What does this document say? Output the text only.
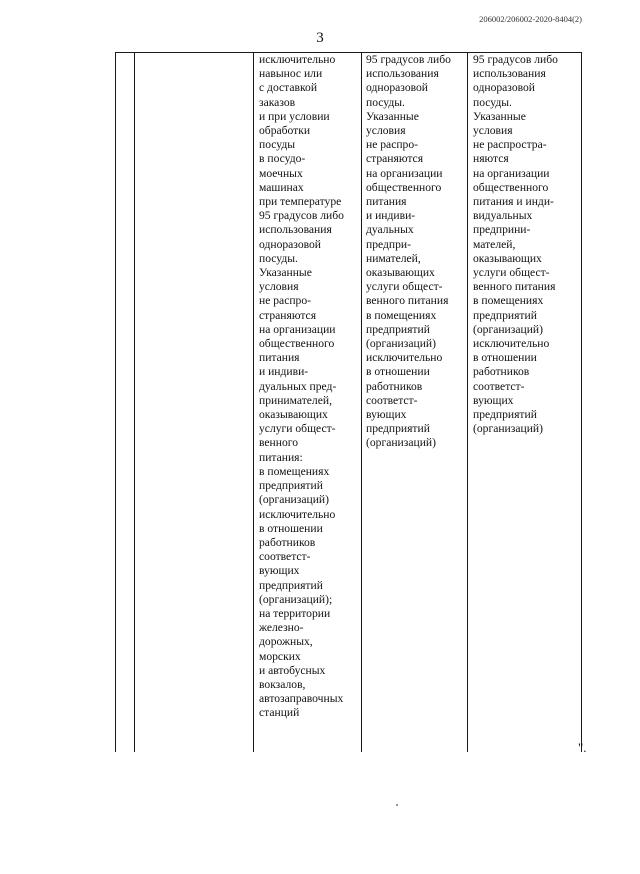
206002/206002-2020-8404(2)
3
исключительно
навынос или
с доставкой
заказов
и при условии
обработки
посуды
в посудо-
моечных
машинах
при температуре
95 градусов либо
использования
одноразовой
посуды.
Указанные
условия
не распро-
страняются
на организации
общественного
питания
и индиви-
дуальных пред-
принимателей,
оказывающих
услуги общест-
венного
питания:
в помещениях
предприятий
(организаций)
исключительно
в отношении
работников
соответст-
вующих
предприятий
(организаций);
на территории
железно-
дорожных,
морских
и автобусных
вокзалов,
автозаправочных
станций
95 градусов либо
использования
одноразовой
посуды.
Указанные
условия
не распро-
страняются
на организации
общественного
питания
и индиви-
дуальных
предпри-
нимателей,
оказывающих
услуги общест-
венного питания
в помещениях
предприятий
(организаций)
исключительно
в отношении
работников
соответст-
вующих
предприятий
(организаций)
95 градусов либо
использования
одноразовой
посуды.
Указанные
условия
не распростра-
няются
на организации
общественного
питания и инди-
видуальных
предприни-
мателей,
оказывающих
услуги общест-
венного питания
в помещениях
предприятий
(организаций)
исключительно
в отношении
работников
соответст-
вующих
предприятий
(организаций)
".
